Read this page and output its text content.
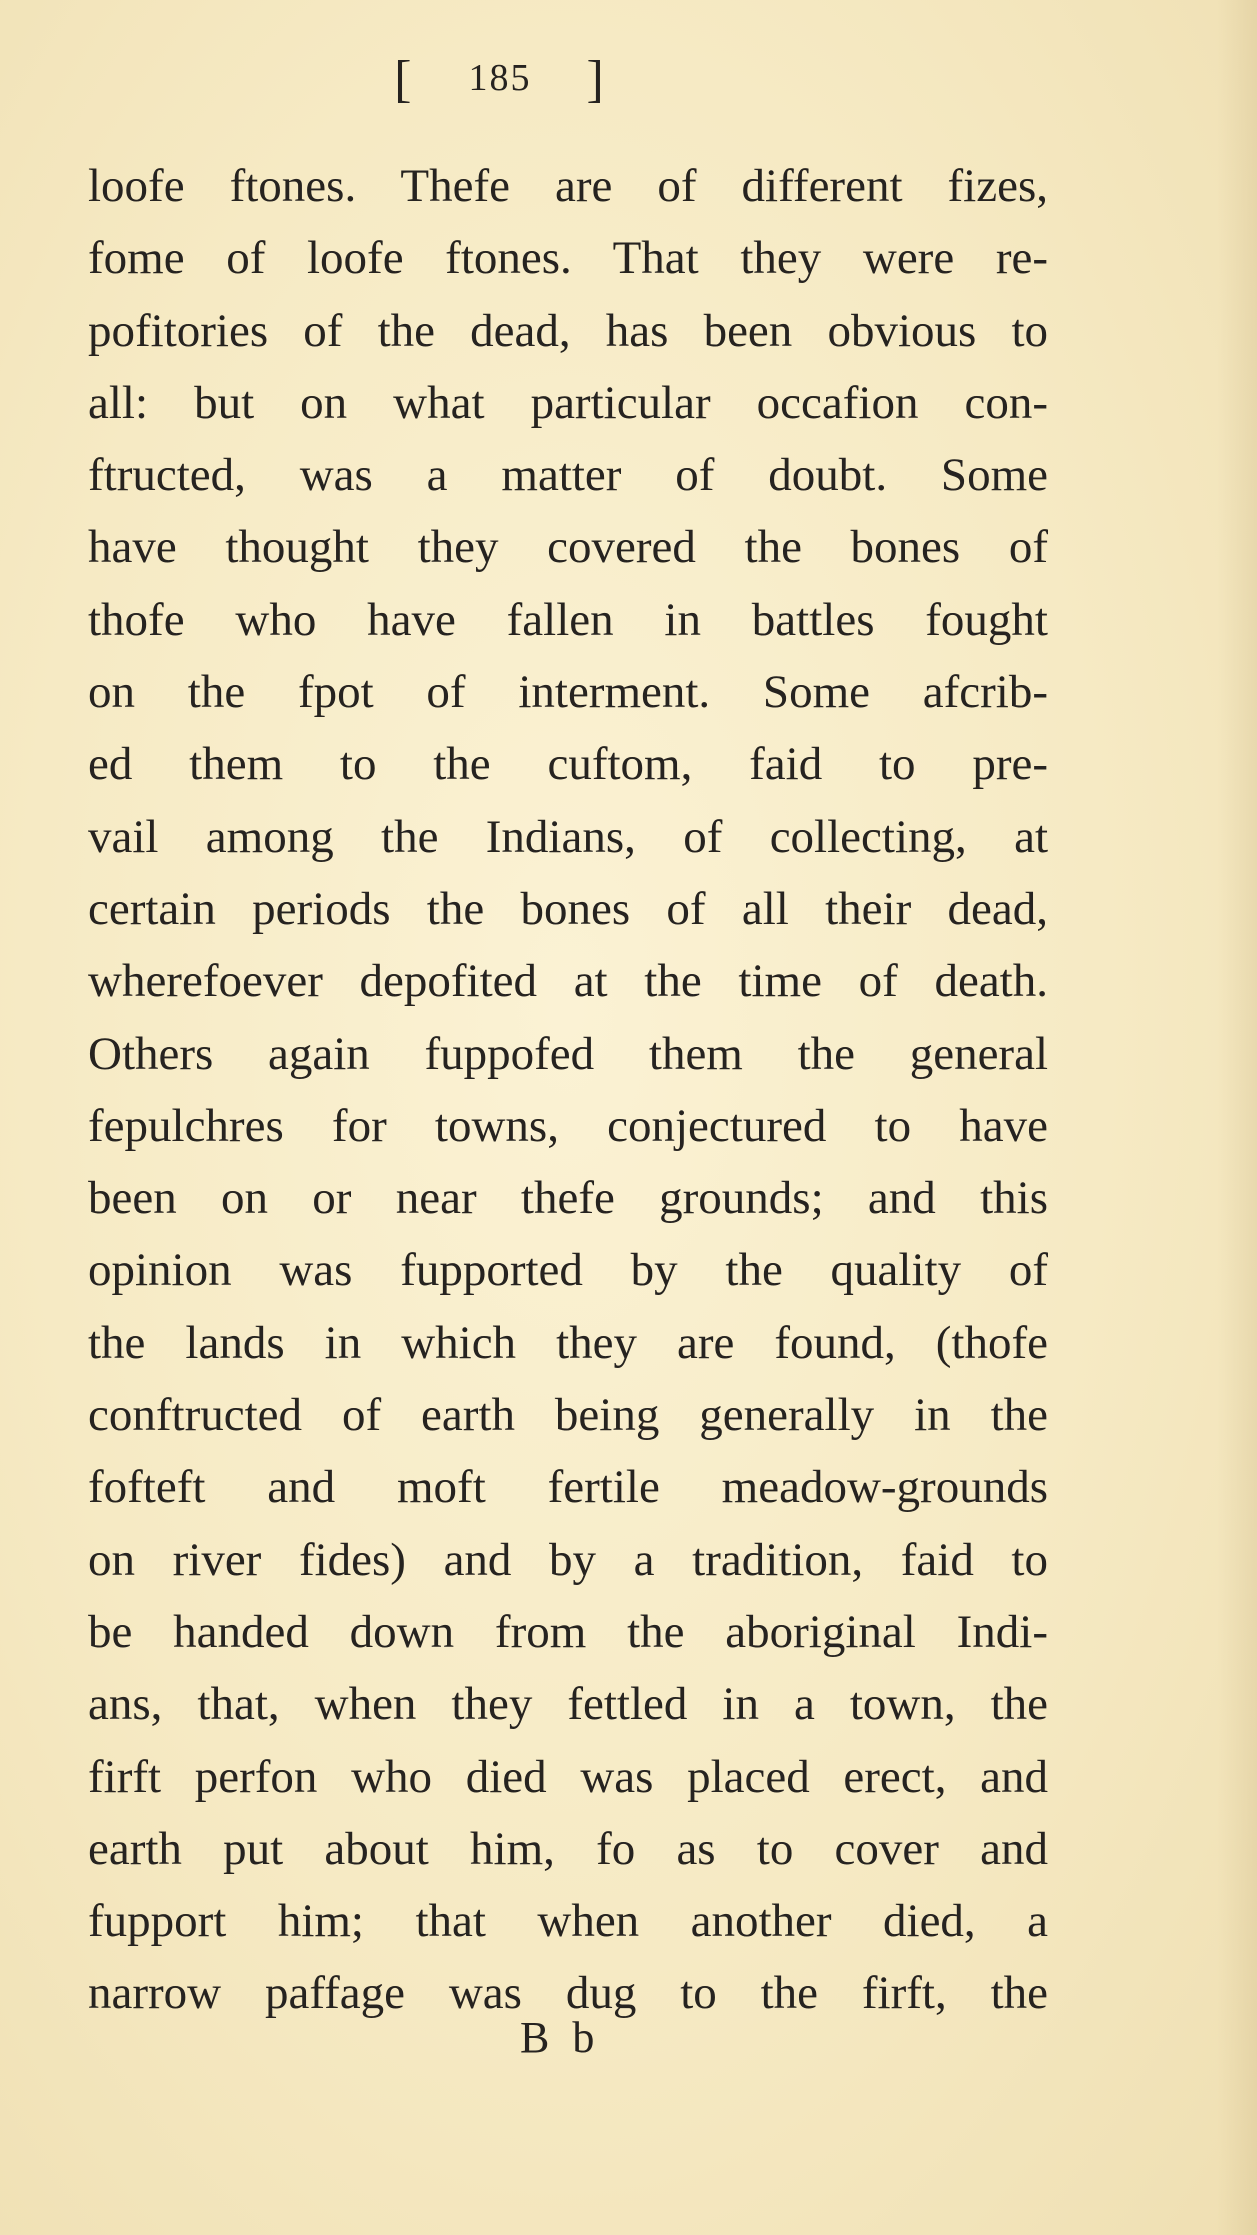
[ 185 ]
loofe ftones. Thefe are of different fizes,
fome of loofe ftones. That they were re-
pofitories of the dead, has been obvious to
all: but on what particular occafion con-
ftructed, was a matter of doubt. Some
have thought they covered the bones of
thofe who have fallen in battles fought
on the fpot of interment. Some afcrib-
ed them to the cuftom, faid to pre-
vail among the Indians, of collecting, at
certain periods the bones of all their dead,
wherefoever depofited at the time of death.
Others again fuppofed them the general
fepulchres for towns, conjectured to have
been on or near thefe grounds; and this
opinion was fupported by the quality of
the lands in which they are found, (thofe
conftructed of earth being generally in the
fofteft and moft fertile meadow-grounds
on river fides) and by a tradition, faid to
be handed down from the aboriginal Indi-
ans, that, when they fettled in a town, the
firft perfon who died was placed erect, and
earth put about him, fo as to cover and
fupport him; that when another died, a
narrow paffage was dug to the firft, the
B b
